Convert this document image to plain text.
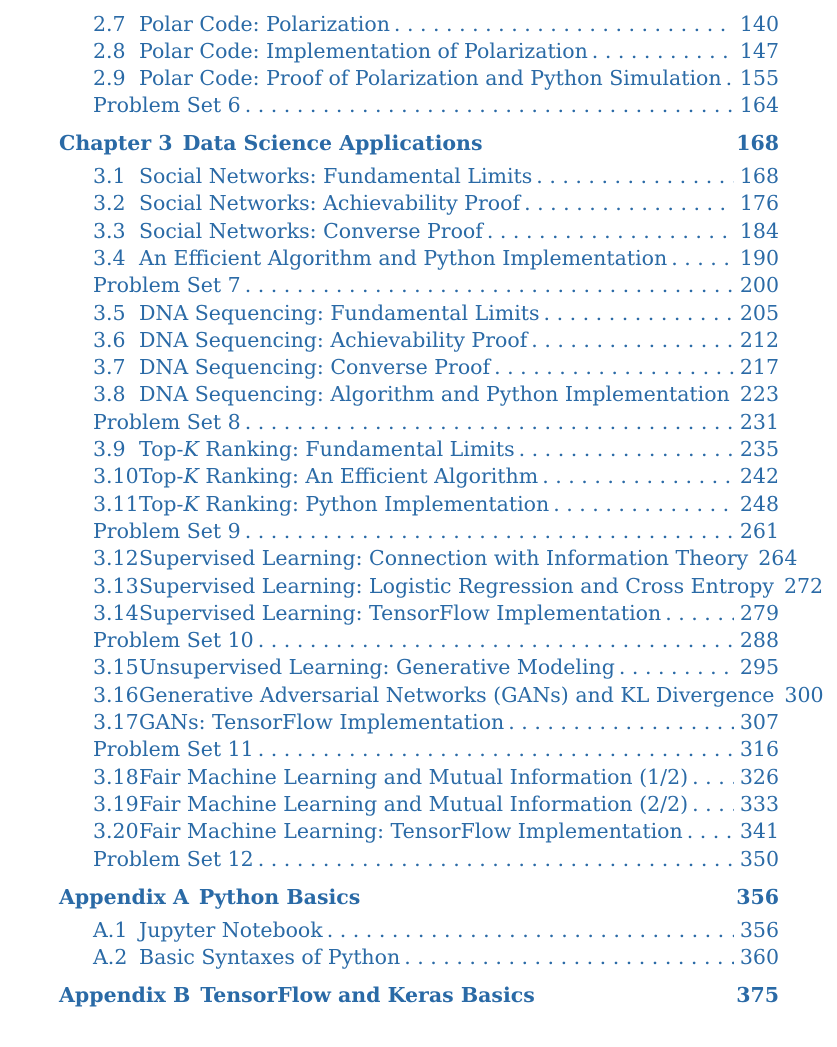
2.7 Polar Code: Polarization . . .	140
2.8 Polar Code: Implementation of Polarization . . .	147
2.9 Polar Code: Proof of Polarization and Python Simulation . . . 155
Problem Set 6 . . .	164
Chapter 3 Data Science Applications	168
3.1 Social Networks: Fundamental Limits . . .	168
3.2 Social Networks: Achievability Proof . . .	176
3.3 Social Networks: Converse Proof . . .	184
3.4 An Efficient Algorithm and Python Implementation . . .	190
Problem Set 7 . . .	200
3.5 DNA Sequencing: Fundamental Limits . . .	205
3.6 DNA Sequencing: Achievability Proof . . .	212
3.7 DNA Sequencing: Converse Proof . . .	217
3.8 DNA Sequencing: Algorithm and Python Implementation . . . 223
Problem Set 8 . . .	231
3.9 Top-K Ranking: Fundamental Limits . . .	235
3.10 Top-K Ranking: An Efficient Algorithm . . .	242
3.11 Top-K Ranking: Python Implementation . . .	248
Problem Set 9 . . .	261
3.12 Supervised Learning: Connection with Information Theory 264
3.13 Supervised Learning: Logistic Regression and Cross Entropy 272
3.14 Supervised Learning: TensorFlow Implementation . . .	279
Problem Set 10 . . .	288
3.15 Unsupervised Learning: Generative Modeling . . .	295
3.16 Generative Adversarial Networks (GANs) and KL Divergence 300
3.17 GANs: TensorFlow Implementation . . .	307
Problem Set 11 . . .	316
3.18 Fair Machine Learning and Mutual Information (1/2) . . .	326
3.19 Fair Machine Learning and Mutual Information (2/2) . . .	333
3.20 Fair Machine Learning: TensorFlow Implementation . . .	341
Problem Set 12 . . .	350
Appendix A Python Basics	356
A.1 Jupyter Notebook . . .	356
A.2 Basic Syntaxes of Python . . .	360
Appendix B TensorFlow and Keras Basics	375
